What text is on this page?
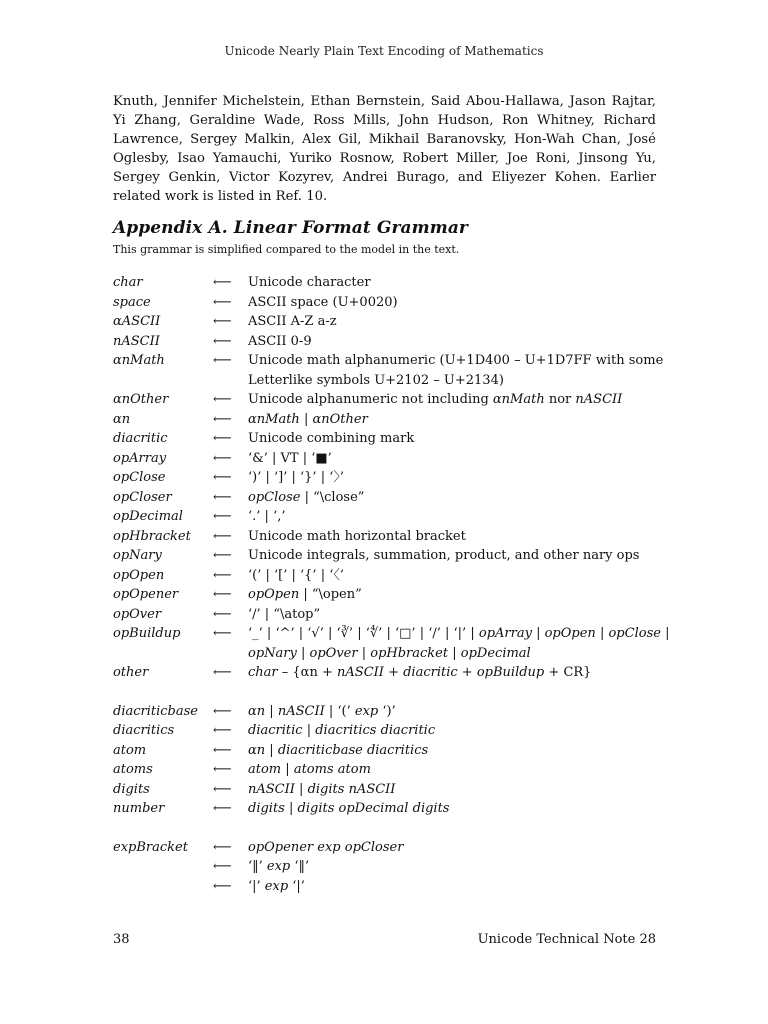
Unicode Nearly Plain Text Encoding of Mathematics

Knuth, Jennifer Michelstein, Ethan Bernstein, Said Abou-Hallawa, Jason Rajtar, Yi Zhang, Geraldine Wade, Ross Mills, John Hudson, Ron Whitney, Richard Lawrence, Sergey Malkin, Alex Gil, Mikhail Baranovsky, Hon-Wah Chan, José Oglesby, Isao Yamauchi, Yuriko Rosnow, Robert Miller, Joe Roni, Jinsong Yu, Sergey Genkin, Victor Kozyrev, Andrei Burago, and Eliyezer Kohen. Earlier related work is listed in Ref. 10.

Appendix A. Linear Format Grammar
This grammar is simplified compared to the model in the text.
char	⟵ Unicode character
space	⟵ ASCII space (U+0020)
αASCII	⟵ ASCII A-Z a-z
nASCII	⟵ ASCII 0-9
αnMath	⟵ Unicode math alphanumeric (U+1D400 – U+1D7FF with some
Letterlike symbols U+2102 – U+2134)
αnOther	⟵ Unicode alphanumeric not including αnMath nor nASCII
αn	⟵ αnMath | αnOther
diacritic	⟵ Unicode combining mark
opArray	⟵ ‘&’ | VT | ‘■’
opClose	⟵ ‘)’ | ‘]’ | ‘}’ | ‘〉’
opCloser	⟵ opClose | “\close”
opDecimal ⟵ ‘.’ | ‘,’
opHbracket ⟵ Unicode math horizontal bracket
opNary	⟵ Unicode integrals, summation, product, and other nary ops
opOpen	⟵ ‘(’ | ‘[’ | ‘{’ | ‘〈’
opOpener	⟵ opOpen | “\open”
opOver	⟵ ‘/’ | “\atop”
opBuildup	⟵ ‘_’ | ‘^’ | ‘√’ | ‘∛’ | ‘∜’ | ‘□’ | ‘/’ | ‘|’ | opArray | opOpen | opClose |
opNary | opOver | opHbracket | opDecimal
other	⟵ char – {αn + nASCII + diacritic + opBuildup + CR}
diacriticbase ⟵ αn | nASCII | ‘(’ exp ‘)’
diacritics	⟵ diacritic | diacritics diacritic
atom	⟵ αn | diacriticbase diacritics
atoms	⟵ atom | atoms atom
digits	⟵ nASCII | digits nASCII
number	⟵ digits | digits opDecimal digits
expBracket ⟵ opOpener exp opCloser
⟵ ‘‖’ exp ‘‖’
⟵ ‘|’ exp ‘|’
38	Unicode Technical Note 28
